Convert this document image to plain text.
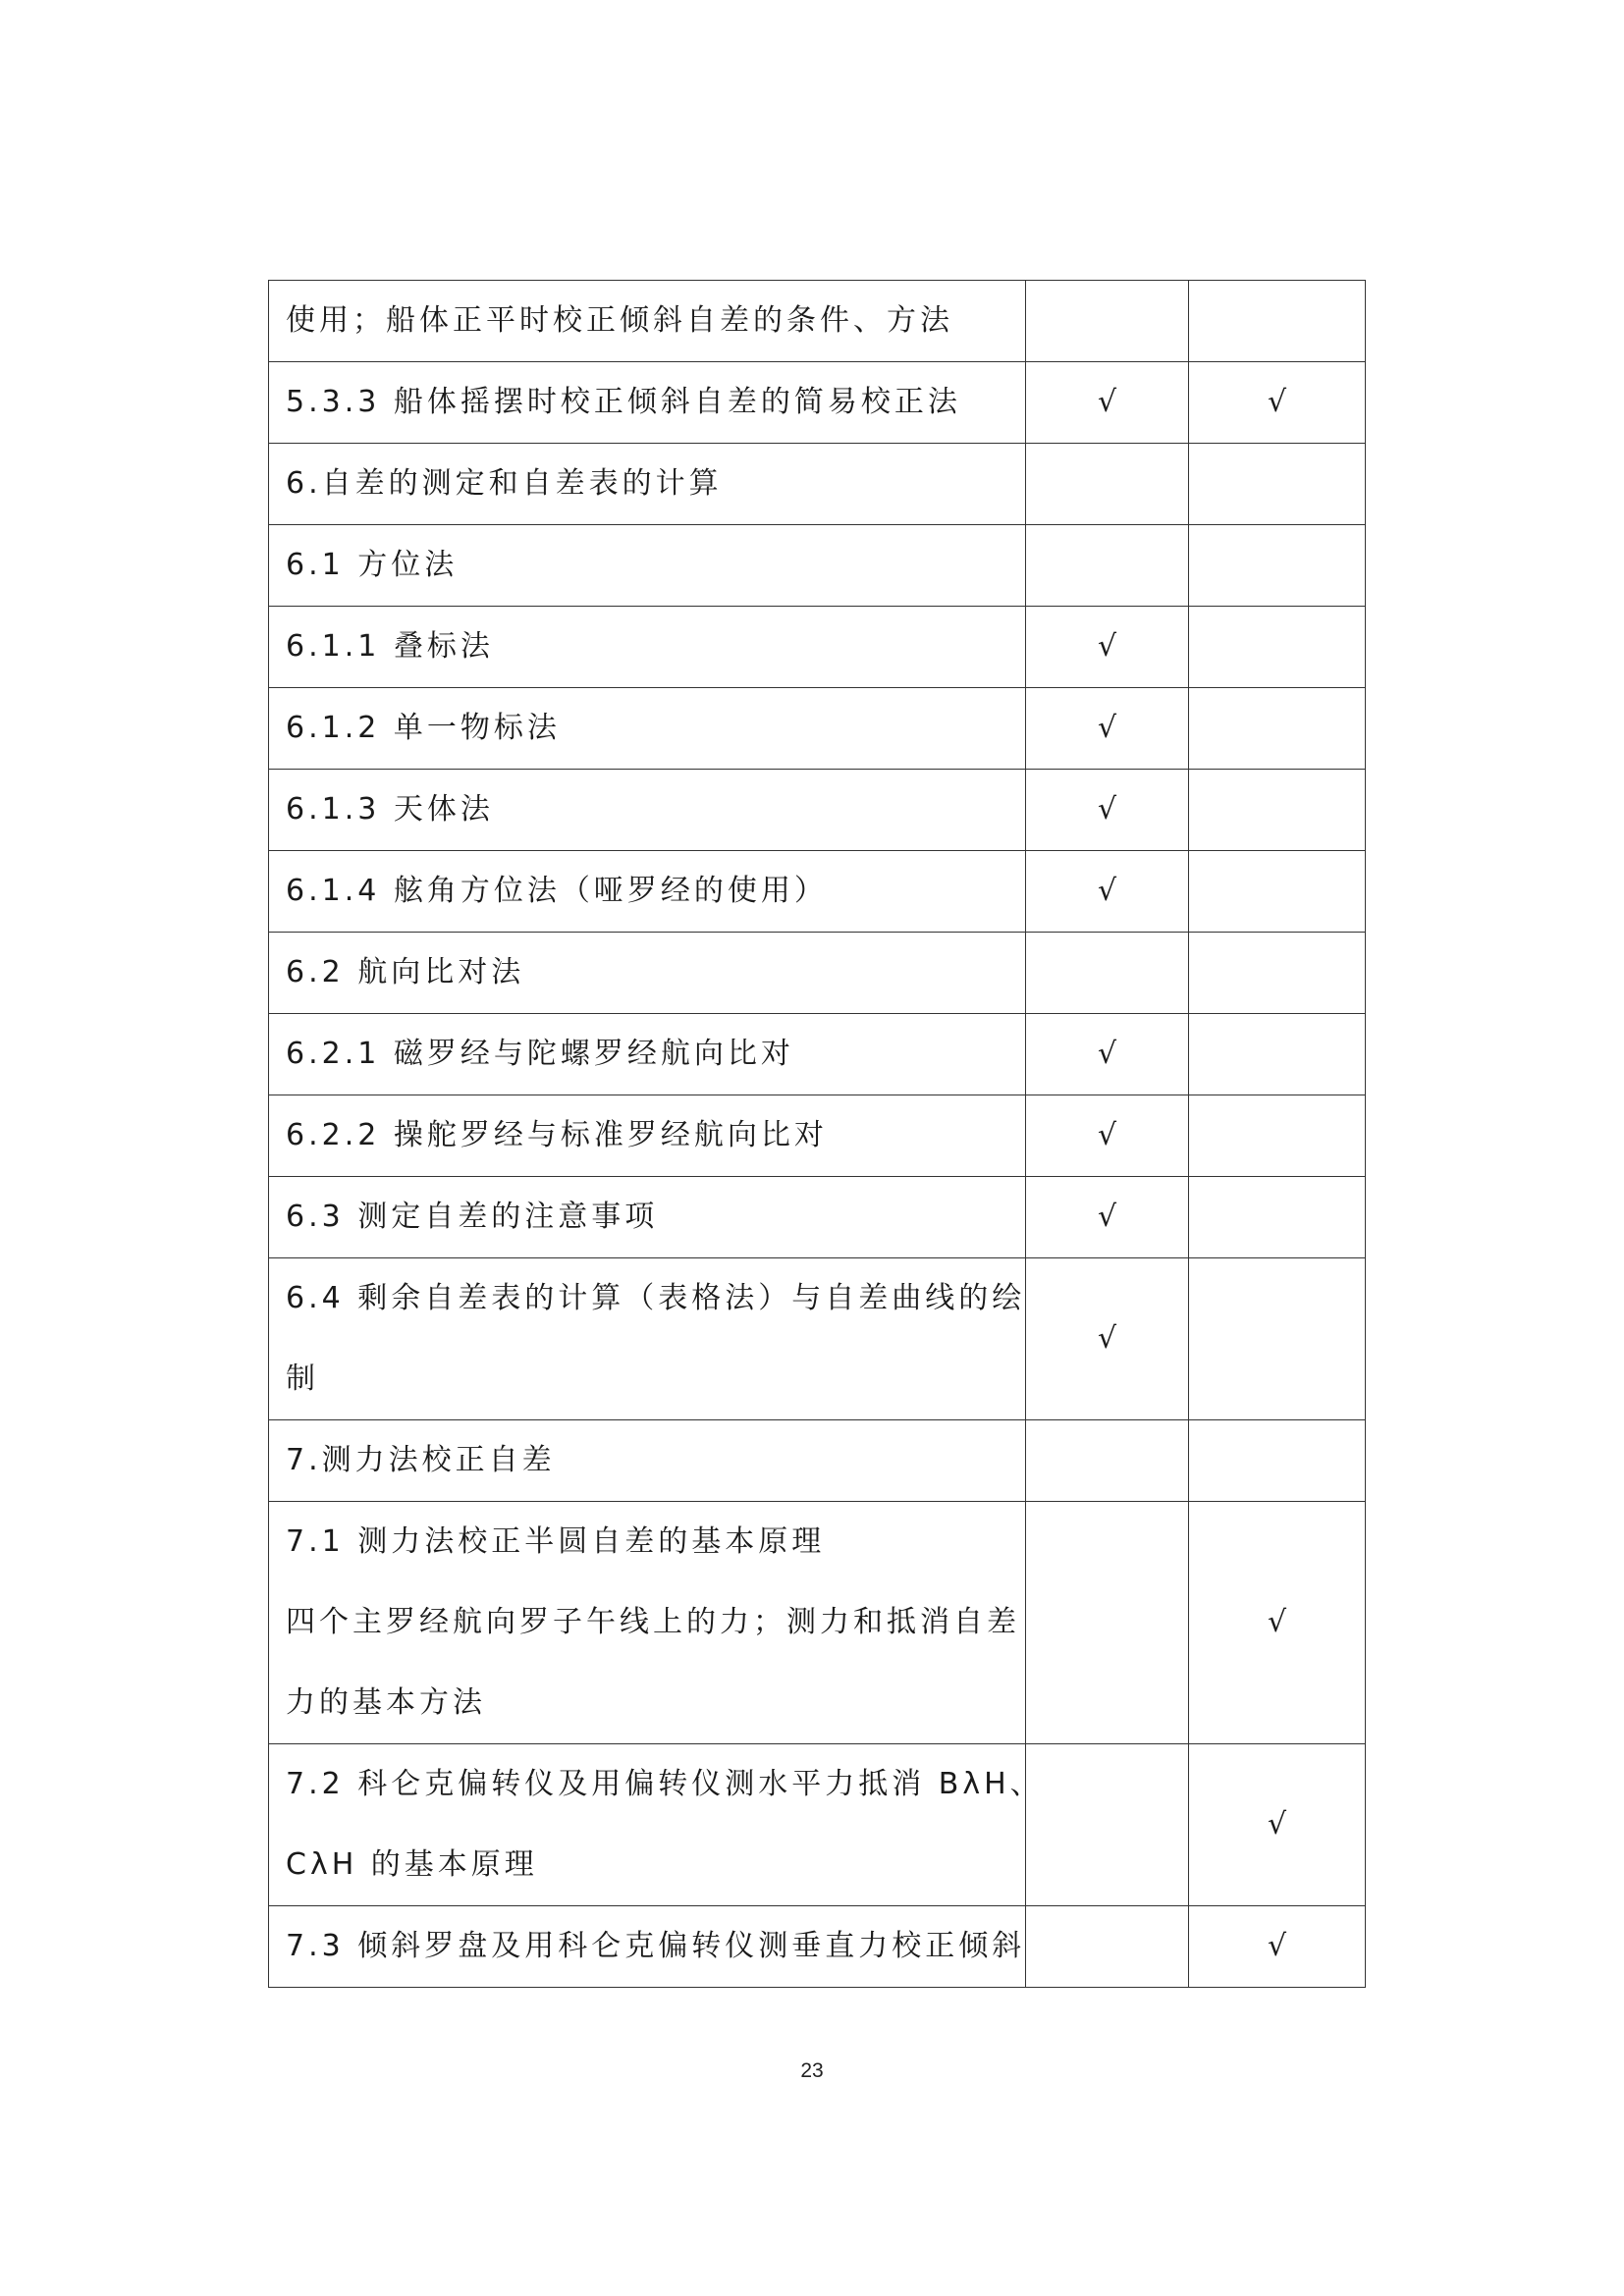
使用；船体正平时校正倾斜自差的条件、方法		

5.3.3 船体摇摆时校正倾斜自差的简易校正法	√	√

6.自差的测定和自差表的计算		

6.1 方位法		

6.1.1 叠标法	√	

6.1.2 单一物标法	√	

6.1.3 天体法	√	

6.1.4 舷角方位法（哑罗经的使用）	√	

6.2 航向比对法		

6.2.1 磁罗经与陀螺罗经航向比对	√	

6.2.2 操舵罗经与标准罗经航向比对	√	

6.3 测定自差的注意事项	√	

6.4 剩余自差表的计算（表格法）与自差曲线的绘
制	√	

7.测力法校正自差		

7.1 测力法校正半圆自差的基本原理
四个主罗经航向罗子午线上的力；测力和抵消自差
力的基本方法		√

7.2 科仑克偏转仪及用偏转仪测水平力抵消 BλH、
CλH 的基本原理		√

7.3 倾斜罗盘及用科仑克偏转仪测垂直力校正倾斜		√
23
